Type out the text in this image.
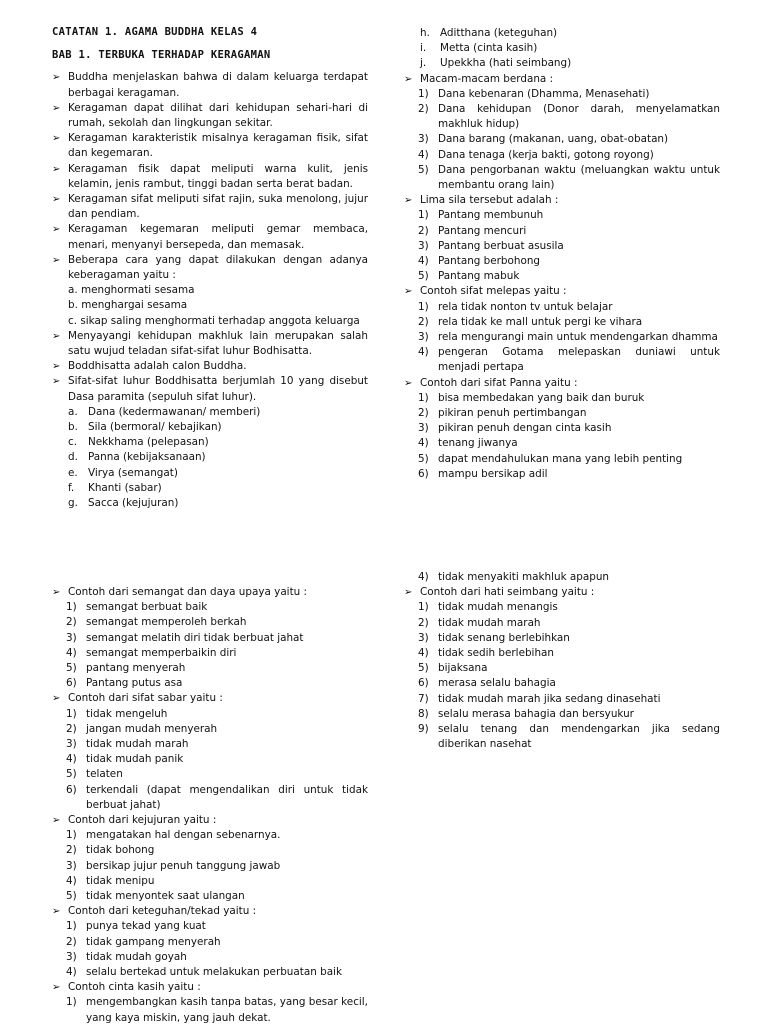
CATATAN 1. AGAMA BUDDHA KELAS 4

BAB 1. TERBUKA TERHADAP KERAGAMAN

➢ Buddha menjelaskan bahwa di dalam keluarga terdapat berbagai keragaman.
➢ Keragaman dapat dilihat dari kehidupan sehari-hari di rumah, sekolah dan lingkungan sekitar.
➢ Keragaman karakteristik misalnya keragaman fisik, sifat dan kegemaran.
➢ Keragaman fisik dapat meliputi warna kulit, jenis kelamin, jenis rambut, tinggi badan serta berat badan.
➢ Keragaman sifat meliputi sifat rajin, suka menolong, jujur dan pendiam.
➢ Keragaman kegemaran meliputi gemar membaca, menari, menyanyi bersepeda, dan memasak.
➢ Beberapa cara yang dapat dilakukan dengan adanya keberagaman yaitu :
a. menghormati sesama
b. menghargai sesama
c. sikap saling menghormati terhadap anggota keluarga
➢ Menyayangi kehidupan makhluk lain merupakan salah satu wujud teladan sifat-sifat luhur Bodhisatta.
➢ Boddhisatta adalah calon Buddha.
➢ Sifat-sifat luhur Boddhisatta berjumlah 10 yang disebut Dasa paramita (sepuluh sifat luhur).
a. Dana (kedermawanan/ memberi)
b. Sila (bermoral/ kebajikan)
c. Nekkhama (pelepasan)
d. Panna (kebijaksanaan)
e. Virya (semangat)
f. Khanti (sabar)
g. Sacca (kejujuran)
h. Aditthana (keteguhan)
i. Metta (cinta kasih)
j. Upekkha (hati seimbang)
➢ Macam-macam berdana :
1) Dana kebenaran (Dhamma, Menasehati)
2) Dana kehidupan (Donor darah, menyelamatkan makhluk hidup)
3) Dana barang (makanan, uang, obat-obatan)
4) Dana tenaga (kerja bakti, gotong royong)
5) Dana pengorbanan waktu (meluangkan waktu untuk membantu orang lain)
➢ Lima sila tersebut adalah :
1) Pantang membunuh
2) Pantang mencuri
3) Pantang berbuat asusila
4) Pantang berbohong
5) Pantang mabuk
➢ Contoh sifat melepas yaitu :
1) rela tidak nonton tv untuk belajar
2) rela tidak ke mall untuk pergi ke vihara
3) rela mengurangi main untuk mendengarkan dhamma
4) pengeran Gotama melepaskan duniawi untuk menjadi pertapa
➢ Contoh dari sifat Panna yaitu :
1) bisa membedakan yang baik dan buruk
2) pikiran penuh pertimbangan
3) pikiran penuh dengan cinta kasih
4) tenang jiwanya
5) dapat mendahulukan mana yang lebih penting
6) mampu bersikap adil
➢ Contoh dari semangat dan daya upaya yaitu :
1) semangat berbuat baik
2) semangat memperoleh berkah
3) semangat melatih diri tidak berbuat jahat
4) semangat memperbaikin diri
5) pantang menyerah
6) Pantang putus asa
➢ Contoh dari sifat sabar yaitu :
1) tidak mengeluh
2) jangan mudah menyerah
3) tidak mudah marah
4) tidak mudah panik
5) telaten
6) terkendali (dapat mengendalikan diri untuk tidak berbuat jahat)
➢ Contoh dari kejujuran yaitu :
1) mengatakan hal dengan sebenarnya.
2) tidak bohong
3) bersikap jujur penuh tanggung jawab
4) tidak menipu
5) tidak menyontek saat ulangan
➢ Contoh dari keteguhan/tekad yaitu :
1) punya tekad yang kuat
2) tidak gampang menyerah
3) tidak mudah goyah
4) selalu bertekad untuk melakukan perbuatan baik
➢ Contoh cinta kasih yaitu :
1) mengembangkan kasih tanpa batas, yang besar kecil, yang kaya miskin, yang jauh dekat.
4) tidak menyakiti makhluk apapun
➢ Contoh dari hati seimbang yaitu :
1) tidak mudah menangis
2) tidak mudah marah
3) tidak senang berlebihkan
4) tidak sedih berlebihan
5) bijaksana
6) merasa selalu bahagia
7) tidak mudah marah jika sedang dinasehati
8) selalu merasa bahagia dan bersyukur
9) selalu tenang dan mendengarkan jika sedang diberikan nasehat
